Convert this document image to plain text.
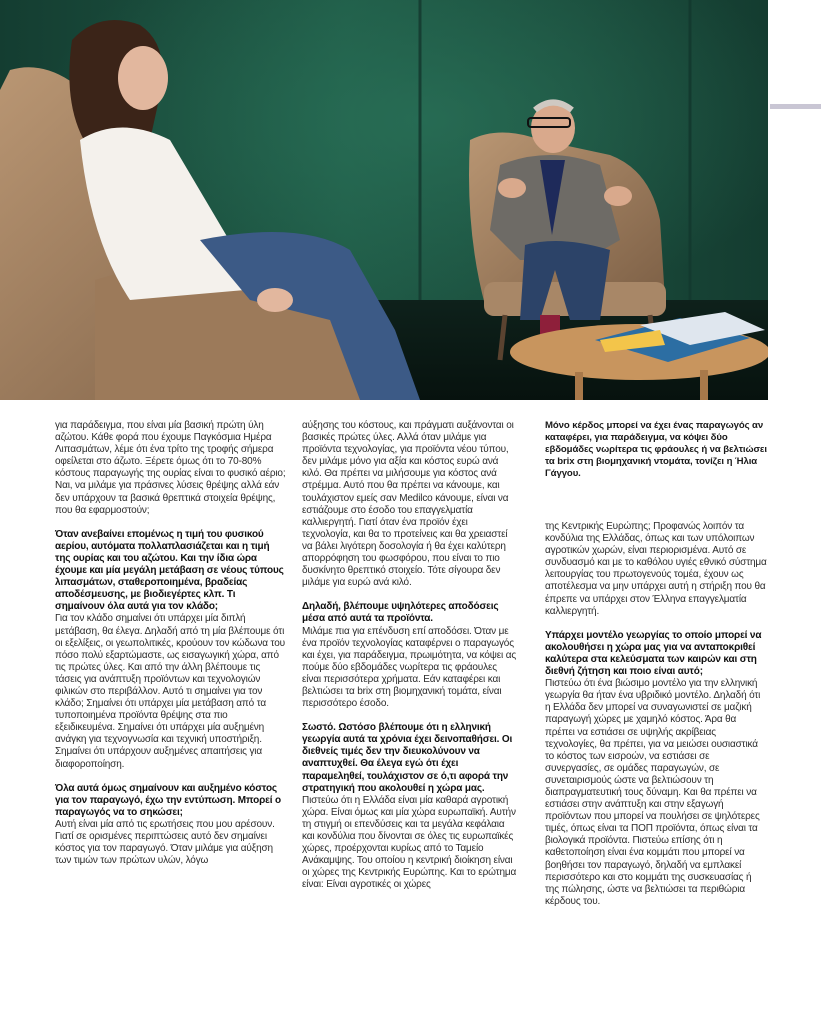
για παράδειγμα, που είναι μία βασική πρώτη ύλη αζώτου. Κάθε φορά που έχουμε Παγκόσμια Ημέρα Λιπασμάτων, λέμε ότι ένα τρίτο της τροφής σήμερα οφείλεται στο άζωτο. Ξέρετε όμως ότι το 70-80% κόστους παραγωγής της ουρίας είναι το φυσικό αέριο; Ναι, να μιλάμε για πράσινες λύσεις θρέψης αλλά εάν δεν υπάρχουν τα βασικά θρεπτικά στοιχεία θρέψης, που θα εφαρμοστούν;

Όταν ανεβαίνει επομένως η τιμή του φυσικού αερίου, αυτόματα πολλαπλασιάζεται και η τιμή της ουρίας και του αζώτου. Και την ίδια ώρα έχουμε και μία μεγάλη μετάβαση σε νέους τύπους λιπασμάτων, σταθεροποιημένα, βραδείας αποδέσμευσης, με βιοδιεγέρτες κλπ. Τι σημαίνουν όλα αυτά για τον κλάδο;

Για τον κλάδο σημαίνει ότι υπάρχει μία διπλή μετάβαση, θα έλεγα. Δηλαδή από τη μία βλέπουμε ότι οι εξελίξεις, οι γεωπολιτικές, κρούουν τον κώδωνα του πόσο πολύ εξαρτώμαστε, ως εισαγωγική χώρα, από τις πρώτες ύλες. Και από την άλλη βλέπουμε τις τάσεις για ανάπτυξη προϊόντων και τεχνολογιών φιλικών στο περιβάλλον. Αυτό τι σημαίνει για τον κλάδο; Σημαίνει ότι υπάρχει μία μετάβαση από τα τυποποιημένα προϊόντα θρέψης στα πιο εξειδικευμένα. Σημαίνει ότι υπάρχει μία αυξημένη ανάγκη για τεχνογνωσία και τεχνική υποστήριξη. Σημαίνει ότι υπάρχουν αυξημένες απαιτήσεις για διαφοροποίηση.

Όλα αυτά όμως σημαίνουν και αυξημένο κόστος για τον παραγωγό, έχω την εντύπωση. Μπορεί ο παραγωγός να το σηκώσει;

Αυτή είναι μία από τις ερωτήσεις που μου αρέσουν. Γιατί σε ορισμένες περιπτώσεις αυτό δεν σημαίνει κόστος για τον παραγωγό. Όταν μιλάμε για αύξηση των τιμών των πρώτων υλών, λόγω

αύξησης του κόστους, και πράγματι αυξάνονται οι βασικές πρώτες ύλες. Αλλά όταν μιλάμε για προϊόντα τεχνολογίας, για προϊόντα νέου τύπου, δεν μιλάμε μόνο για αξία και κόστος ευρώ ανά κιλό. Θα πρέπει να μιλήσουμε για κόστος ανά στρέμμα. Αυτό που θα πρέπει να κάνουμε, και τουλάχιστον εμείς σαν Medilco κάνουμε, είναι να εστιάζουμε στο έσοδο του επαγγελματία καλλιεργητή. Γιατί όταν ένα προϊόν έχει τεχνολογία, και θα το προτείνεις και θα χρειαστεί να βάλει λιγότερη δοσολογία ή θα έχει καλύτερη απορρόφηση του φωσφόρου, που είναι το πιο δυσκίνητο θρεπτικό στοιχείο. Τότε σίγουρα δεν μιλάμε για ευρώ ανά κιλό.

Δηλαδή, βλέπουμε υψηλότερες αποδόσεις μέσα από αυτά τα προϊόντα.

Μιλάμε πια για επένδυση επί αποδόσει. Όταν με ένα προϊόν τεχνολογίας καταφέρνει ο παραγωγός και έχει, για παράδειγμα, πρωιμότητα, να κόψει ας πούμε δύο εβδομάδες νωρίτερα τις φράουλες είναι περισσότερα χρήματα. Εάν καταφέρει και βελτιώσει τα brix στη βιομηχανική τομάτα, είναι περισσότερο έσοδο.

Σωστό. Ωστόσο βλέπουμε ότι η ελληνική γεωργία αυτά τα χρόνια έχει δεινοπαθήσει. Οι διεθνείς τιμές δεν την διευκολύνουν να αναπτυχθεί. Θα έλεγα εγώ ότι έχει παραμεληθεί, τουλάχιστον σε ό,τι αφορά την στρατηγική που ακολουθεί η χώρα μας.

Πιστεύω ότι η Ελλάδα είναι μία καθαρά αγροτική χώρα. Είναι όμως και μία χώρα ευρωπαϊκή. Αυτήν τη στιγμή οι επενδύσεις και τα μεγάλα κεφάλαια και κονδύλια που δίνονται σε όλες τις ευρωπαϊκές χώρες, προέρχονται κυρίως από το Ταμείο Ανάκαμψης. Του οποίου η κεντρική διοίκηση είναι οι χώρες της Κεντρικής Ευρώπης. Και το ερώτημα είναι: Είναι αγροτικές οι χώρες

Μόνο κέρδος μπορεί να έχει ένας παραγωγός αν καταφέρει, για παράδειγμα, να κόψει δύο εβδομάδες νωρίτερα τις φράουλες ή να βελτιώσει τα brix στη βιομηχανική ντομάτα, τονίζει η Ήλια Γάγγου.

της Κεντρικής Ευρώπης; Προφανώς λοιπόν τα κονδύλια της Ελλάδας, όπως και των υπόλοιπων αγροτικών χωρών, είναι περιορισμένα. Αυτό σε συνδυασμό και με το καθόλου υγιές εθνικό σύστημα λειτουργίας του πρωτογενούς τομέα, έχουν ως αποτέλεσμα να μην υπάρχει αυτή η στήριξη που θα έπρεπε να υπάρχει στον Έλληνα επαγγελματία καλλιεργητή.

Υπάρχει μοντέλο γεωργίας το οποίο μπορεί να ακολουθήσει η χώρα μας για να ανταποκριθεί καλύτερα στα κελεύσματα των καιρών και στη διεθνή ζήτηση και ποιο είναι αυτό;

Πιστεύω ότι ένα βιώσιμο μοντέλο για την ελληνική γεωργία θα ήταν ένα υβριδικό μοντέλο. Δηλαδή ότι η Ελλάδα δεν μπορεί να συναγωνιστεί σε μαζική παραγωγή χώρες με χαμηλό κόστος. Άρα θα πρέπει να εστιάσει σε υψηλής ακρίβειας τεχνολογίες, θα πρέπει, για να μειώσει ουσιαστικά το κόστος των εισροών, να εστιάσει σε συνεργασίες, σε ομάδες παραγωγών, σε συνεταιρισμούς ώστε να βελτιώσουν τη διαπραγματευτική τους δύναμη. Και θα πρέπει να εστιάσει στην ανάπτυξη και στην εξαγωγή προϊόντων που μπορεί να πουλήσει σε ψηλότερες τιμές, όπως είναι τα ΠΟΠ προϊόντα, όπως είναι τα βιολογικά προϊόντα. Πιστεύω επίσης ότι η καθετοποίηση είναι ένα κομμάτι που μπορεί να βοηθήσει τον παραγωγό, δηλαδή να εμπλακεί περισσότερο και στο κομμάτι της συσκευασίας ή της πώλησης, ώστε να βελτιώσει τα περιθώρια κέρδους του.
